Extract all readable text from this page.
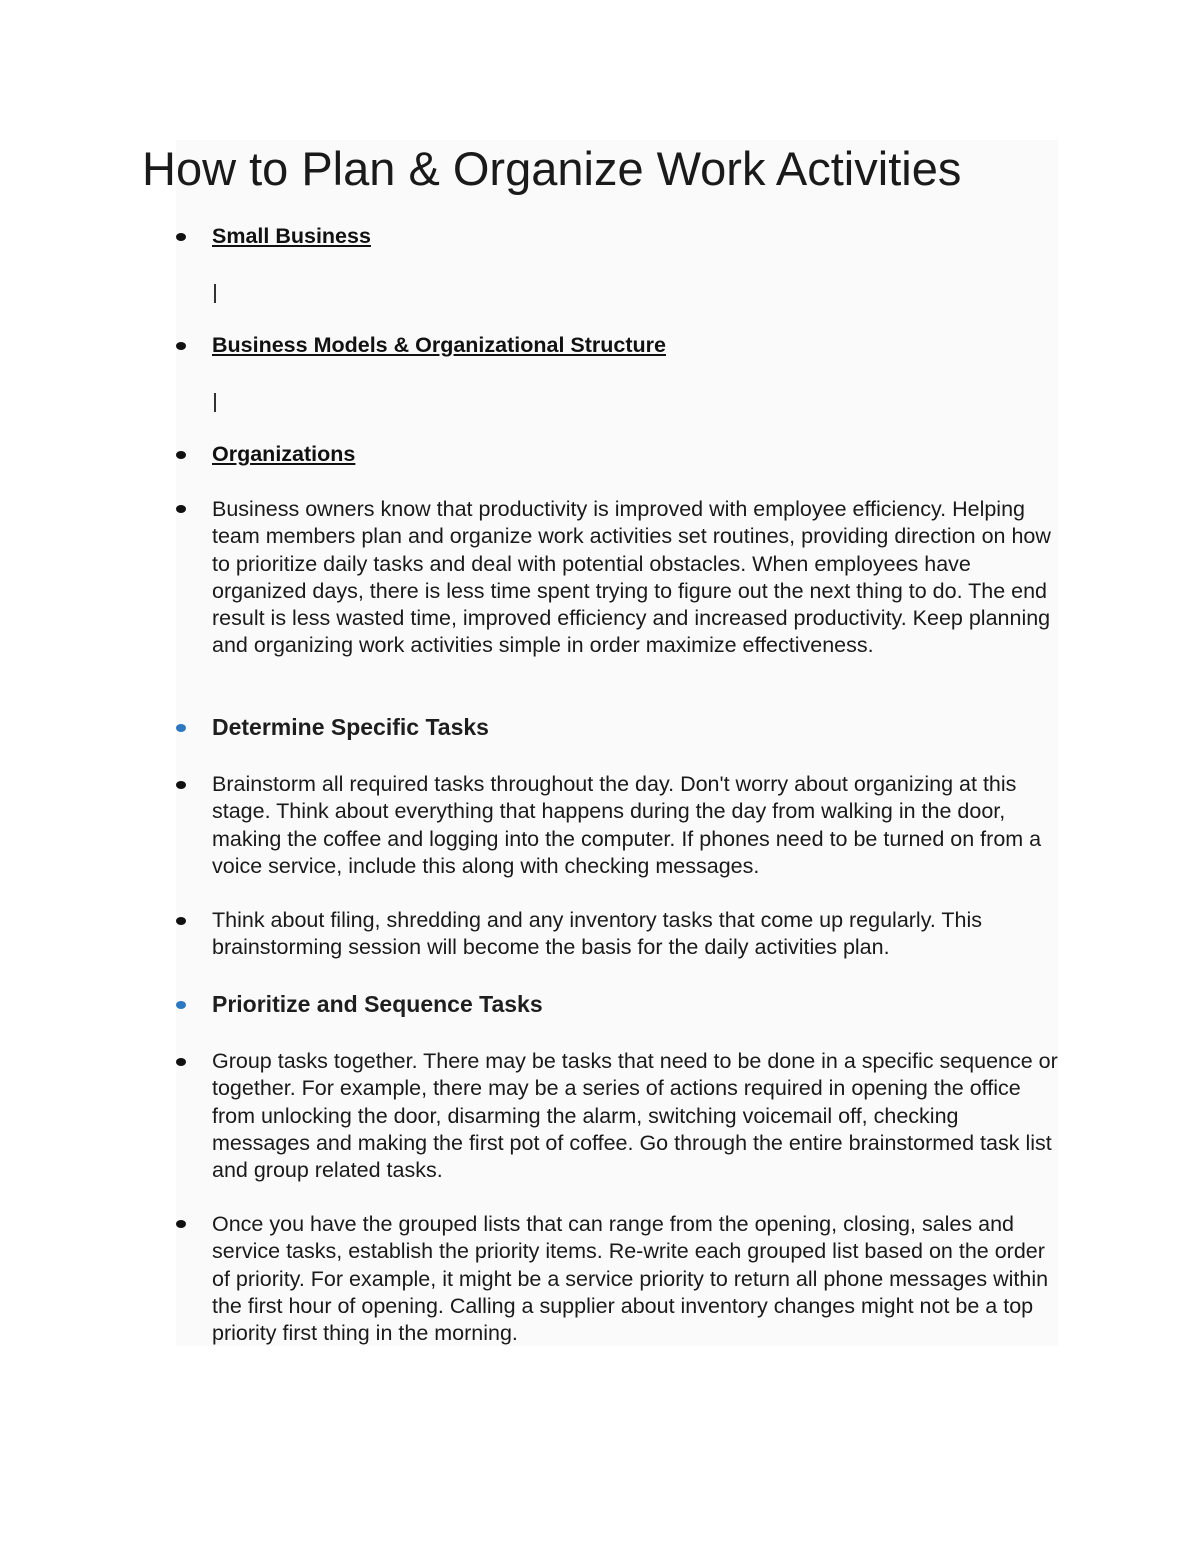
How to Plan & Organize Work Activities
Small Business
Business Models & Organizational Structure
Organizations
Business owners know that productivity is improved with employee efficiency. Helping team members plan and organize work activities set routines, providing direction on how to prioritize daily tasks and deal with potential obstacles. When employees have organized days, there is less time spent trying to figure out the next thing to do. The end result is less wasted time, improved efficiency and increased productivity. Keep planning and organizing work activities simple in order maximize effectiveness.
Determine Specific Tasks
Brainstorm all required tasks throughout the day. Don't worry about organizing at this stage. Think about everything that happens during the day from walking in the door, making the coffee and logging into the computer. If phones need to be turned on from a voice service, include this along with checking messages.
Think about filing, shredding and any inventory tasks that come up regularly. This brainstorming session will become the basis for the daily activities plan.
Prioritize and Sequence Tasks
Group tasks together. There may be tasks that need to be done in a specific sequence or together. For example, there may be a series of actions required in opening the office from unlocking the door, disarming the alarm, switching voicemail off, checking messages and making the first pot of coffee. Go through the entire brainstormed task list and group related tasks.
Once you have the grouped lists that can range from the opening, closing, sales and service tasks, establish the priority items. Re-write each grouped list based on the order of priority. For example, it might be a service priority to return all phone messages within the first hour of opening. Calling a supplier about inventory changes might not be a top priority first thing in the morning.
